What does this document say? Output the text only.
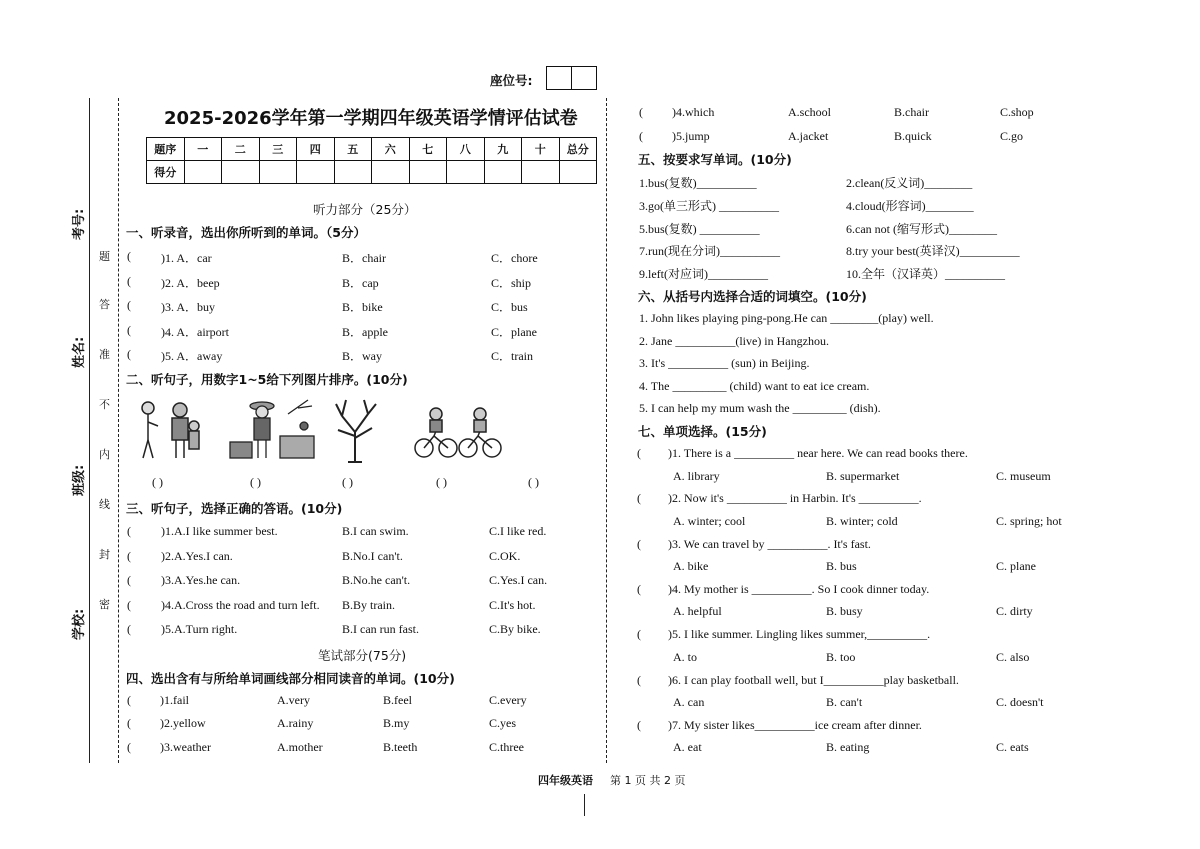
座位号:
考号:
姓名:
班级:
学校:
题
答
准
不
内
线
封
密
2025-2026学年第一学期四年级英语学情评估试卷
题序	一	二	三	四	五	六	七	八	九	十	总分
得分											
听力部分（25分）
一、听录音，选出你所听到的单词。（5分）
(	)1. A．car	B．chair	C．chore
(	)2. A．beep	B．cap	C．ship
(	)3. A．buy	B．bike	C．bus
(	)4. A．airport	B．apple	C．plane
(	)5. A．away	B．way	C．train
二、听句子，用数字1~5给下列图片排序。(10分)
( )	( )	( )	( )	( )
三、听句子，选择正确的答语。(10分)
(	)1.A.I like summer best.	B.I can swim.	C.I like red.
(	)2.A.Yes.I can.	B.No.I can't.	C.OK.
(	)3.A.Yes.he can.	B.No.he can't.	C.Yes.I can.
(	)4.A.Cross the road and turn left. B.By train.	C.It's hot.
(	)5.A.Turn right.	B.I can run fast.	C.By bike.
笔试部分(75分)
四、选出含有与所给单词画线部分相同读音的单词。(10分)
( )1.fail	A.very	B.feel	C.every
( )2.yellow	A.rainy	B.my	C.yes
( )3.weather	A.mother	B.teeth	C.three
( )4.which	A.school	B.chair	C.shop
( )5.jump	A.jacket	B.quick	C.go
五、按要求写单词。(10分)
1.bus(复数)__________	2.clean(反义词)________
3.go(单三形式) __________	4.cloud(形容词)________
5.bus(复数) __________	6.can not (缩写形式)________
7.run(现在分词)__________	8.try your best(英译汉)__________
9.left(对应词)__________	10.全年（汉译英）__________
六、从括号内选择合适的词填空。(10分)
1. John likes playing ping-pong.He can ________(play) well.
2. Jane __________(live) in Hangzhou.
3. It's __________ (sun) in Beijing.
4. The _________ (child) want to eat ice cream.
5. I can help my mum wash the _________ (dish).
七、单项选择。(15分)
( )1. There is a __________ near here. We can read books there.
A. library	B. supermarket	C. museum
( )2. Now it's __________ in Harbin. It's __________.
A. winter; cool	B. winter; cold	C. spring; hot
( )3. We can travel by __________. It's fast.
A. bike	B. bus	C. plane
( )4. My mother is __________. So I cook dinner today.
A. helpful	B. busy	C. dirty
( )5. I like summer. Lingling likes summer,__________.
A. to	B. too	C. also
( )6. I can play football well, but I__________play basketball.
A. can	B. can't	C. doesn't
( )7. My sister likes__________ice cream after dinner.
A. eat	B. eating	C. eats
四年级英语 第 1 页 共 2 页
